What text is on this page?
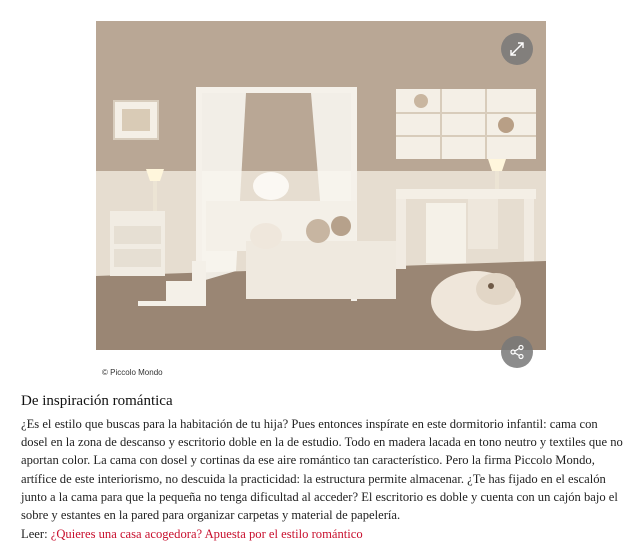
© Piccolo Mondo
De inspiración romántica

¿Es el estilo que buscas para la habitación de tu hija? Pues entonces inspírate en este dormitorio infantil: cama con dosel en la zona de descanso y escritorio doble en la de estudio. Todo en madera lacada en tono neutro y textiles que no aportan color. La cama con dosel y cortinas da ese aire romántico tan característico. Pero la firma Piccolo Mondo, artífice de este interiorismo, no descuida la practicidad: la estructura permite almacenar. ¿Te has fijado en el escalón junto a la cama para que la pequeña no tenga dificultad al acceder? El escritorio es doble y cuenta con un cajón bajo el sobre y estantes en la pared para organizar carpetas y material de papelería.

Leer: ¿Quieres una casa acogedora? Apuesta por el estilo romántico
